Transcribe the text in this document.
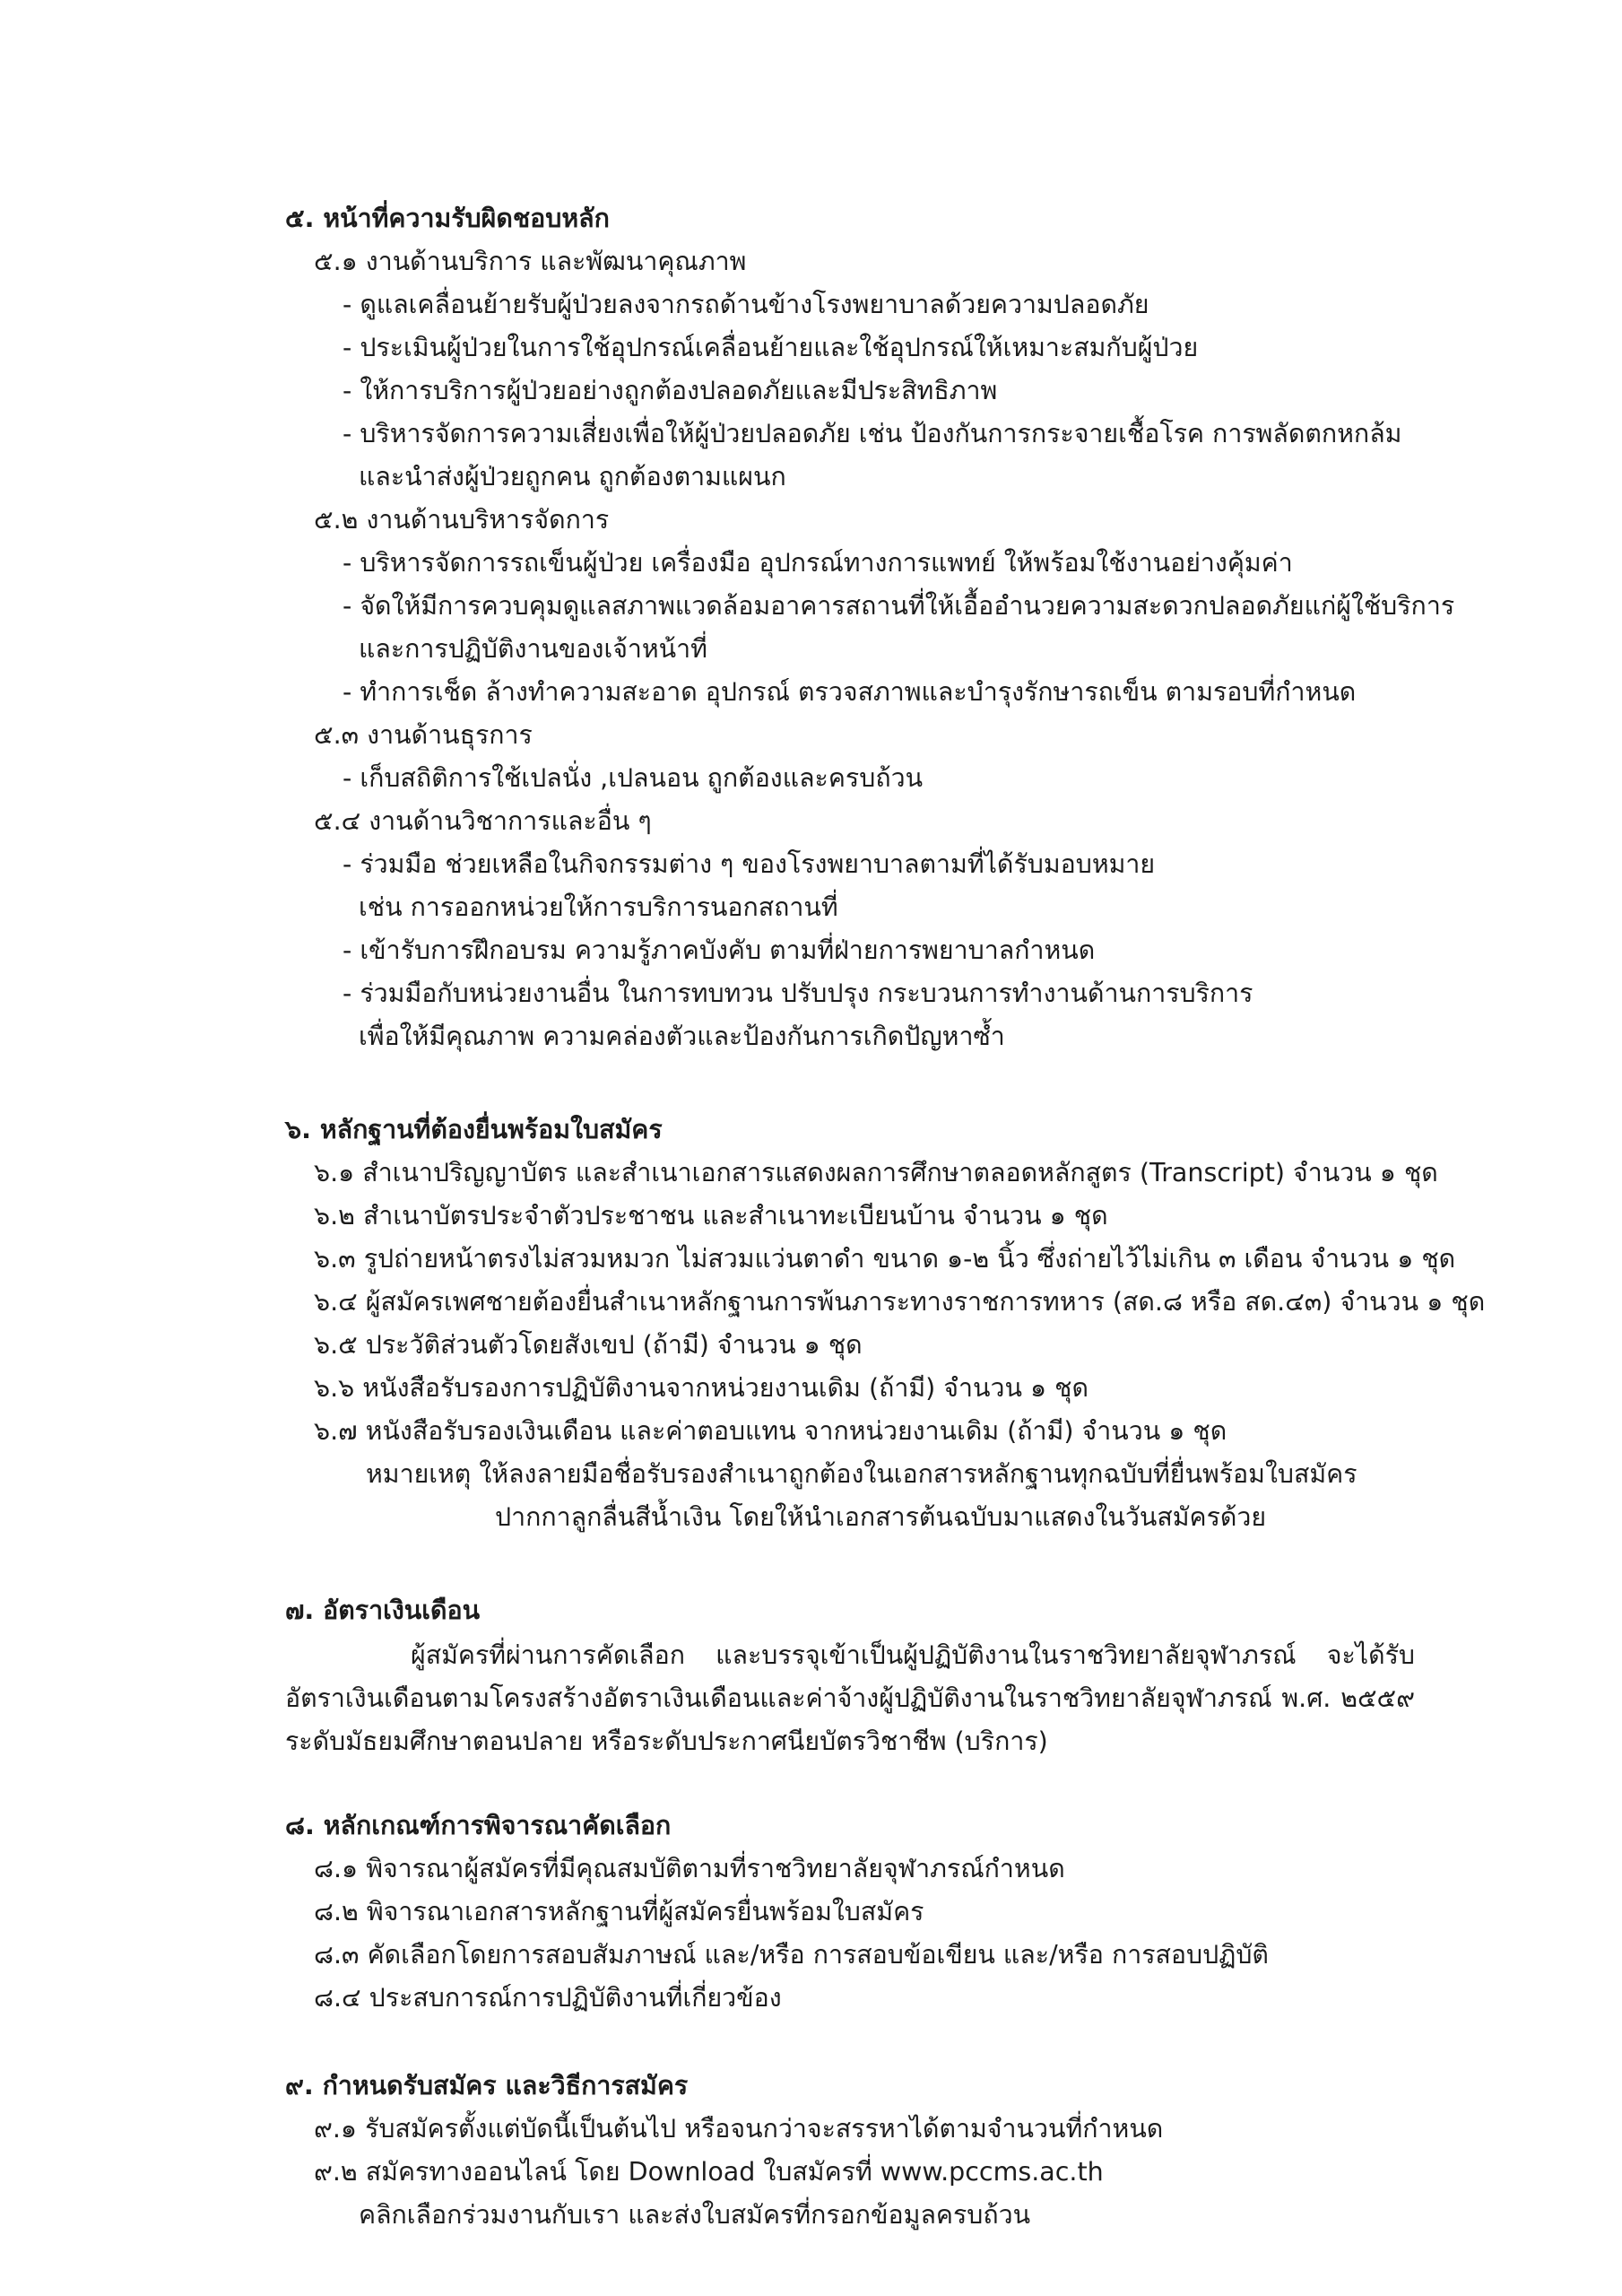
๕. หน้าที่ความรับผิดชอบหลัก
๕.๑ งานด้านบริการ และพัฒนาคุณภาพ
- ดูแลเคลื่อนย้ายรับผู้ป่วยลงจากรถด้านข้างโรงพยาบาลด้วยความปลอดภัย
- ประเมินผู้ป่วยในการใช้อุปกรณ์เคลื่อนย้ายและใช้อุปกรณ์ให้เหมาะสมกับผู้ป่วย
- ให้การบริการผู้ป่วยอย่างถูกต้องปลอดภัยและมีประสิทธิภาพ
- บริหารจัดการความเสี่ยงเพื่อให้ผู้ป่วยปลอดภัย เช่น ป้องกันการกระจายเชื้อโรค การพลัดตกหกล้ม
และนำส่งผู้ป่วยถูกคน ถูกต้องตามแผนก
๕.๒ งานด้านบริหารจัดการ
- บริหารจัดการรถเข็นผู้ป่วย เครื่องมือ อุปกรณ์ทางการแพทย์ ให้พร้อมใช้งานอย่างคุ้มค่า
- จัดให้มีการควบคุมดูแลสภาพแวดล้อมอาคารสถานที่ให้เอื้ออำนวยความสะดวกปลอดภัยแก่ผู้ใช้บริการ
และการปฏิบัติงานของเจ้าหน้าที่
- ทำการเช็ด ล้างทำความสะอาด อุปกรณ์ ตรวจสภาพและบำรุงรักษารถเข็น ตามรอบที่กำหนด
๕.๓ งานด้านธุรการ
- เก็บสถิติการใช้เปลนั่ง ,เปลนอน ถูกต้องและครบถ้วน
๕.๔ งานด้านวิชาการและอื่น ๆ
- ร่วมมือ ช่วยเหลือในกิจกรรมต่าง ๆ ของโรงพยาบาลตามที่ได้รับมอบหมาย
เช่น การออกหน่วยให้การบริการนอกสถานที่
- เข้ารับการฝึกอบรม ความรู้ภาคบังคับ ตามที่ฝ่ายการพยาบาลกำหนด
- ร่วมมือกับหน่วยงานอื่น ในการทบทวน ปรับปรุง กระบวนการทำงานด้านการบริการ
เพื่อให้มีคุณภาพ ความคล่องตัวและป้องกันการเกิดปัญหาซ้ำ
๖. หลักฐานที่ต้องยื่นพร้อมใบสมัคร
๖.๑ สำเนาปริญญาบัตร และสำเนาเอกสารแสดงผลการศึกษาตลอดหลักสูตร (Transcript) จำนวน ๑ ชุด
๖.๒ สำเนาบัตรประจำตัวประชาชน และสำเนาทะเบียนบ้าน จำนวน ๑ ชุด
๖.๓ รูปถ่ายหน้าตรงไม่สวมหมวก ไม่สวมแว่นตาดำ ขนาด ๑-๒ นิ้ว ซึ่งถ่ายไว้ไม่เกิน ๓ เดือน จำนวน ๑ ชุด
๖.๔ ผู้สมัครเพศชายต้องยื่นสำเนาหลักฐานการพ้นภาระทางราชการทหาร (สด.๘ หรือ สด.๔๓) จำนวน ๑ ชุด
๖.๕ ประวัติส่วนตัวโดยสังเขป (ถ้ามี) จำนวน ๑ ชุด
๖.๖ หนังสือรับรองการปฏิบัติงานจากหน่วยงานเดิม (ถ้ามี) จำนวน ๑ ชุด
๖.๗ หนังสือรับรองเงินเดือน และค่าตอบแทน จากหน่วยงานเดิม (ถ้ามี) จำนวน ๑ ชุด
หมายเหตุ ให้ลงลายมือชื่อรับรองสำเนาถูกต้องในเอกสารหลักฐานทุกฉบับที่ยื่นพร้อมใบสมัคร
ปากกาลูกลื่นสีน้ำเงิน โดยให้นำเอกสารต้นฉบับมาแสดงในวันสมัครด้วย
๗. อัตราเงินเดือน
ผู้สมัครที่ผ่านการคัดเลือก และบรรจุเข้าเป็นผู้ปฏิบัติงานในราชวิทยาลัยจุฬาภรณ์ จะได้รับอัตราเงินเดือนตามโครงสร้างอัตราเงินเดือนและค่าจ้างผู้ปฏิบัติงานในราชวิทยาลัยจุฬาภรณ์ พ.ศ. ๒๕๕๙ ระดับมัธยมศึกษาตอนปลาย หรือระดับประกาศนียบัตรวิชาชีพ (บริการ)
๘. หลักเกณฑ์การพิจารณาคัดเลือก
๘.๑ พิจารณาผู้สมัครที่มีคุณสมบัติตามที่ราชวิทยาลัยจุฬาภรณ์กำหนด
๘.๒ พิจารณาเอกสารหลักฐานที่ผู้สมัครยื่นพร้อมใบสมัคร
๘.๓ คัดเลือกโดยการสอบสัมภาษณ์ และ/หรือ การสอบข้อเขียน และ/หรือ การสอบปฏิบัติ
๘.๔ ประสบการณ์การปฏิบัติงานที่เกี่ยวข้อง
๙. กำหนดรับสมัคร และวิธีการสมัคร
๙.๑ รับสมัครตั้งแต่บัดนี้เป็นต้นไป หรือจนกว่าจะสรรหาได้ตามจำนวนที่กำหนด
๙.๒ สมัครทางออนไลน์ โดย Download ใบสมัครที่ www.pccms.ac.th
คลิกเลือกร่วมงานกับเรา และส่งใบสมัครที่กรอกข้อมูลครบถ้วน
